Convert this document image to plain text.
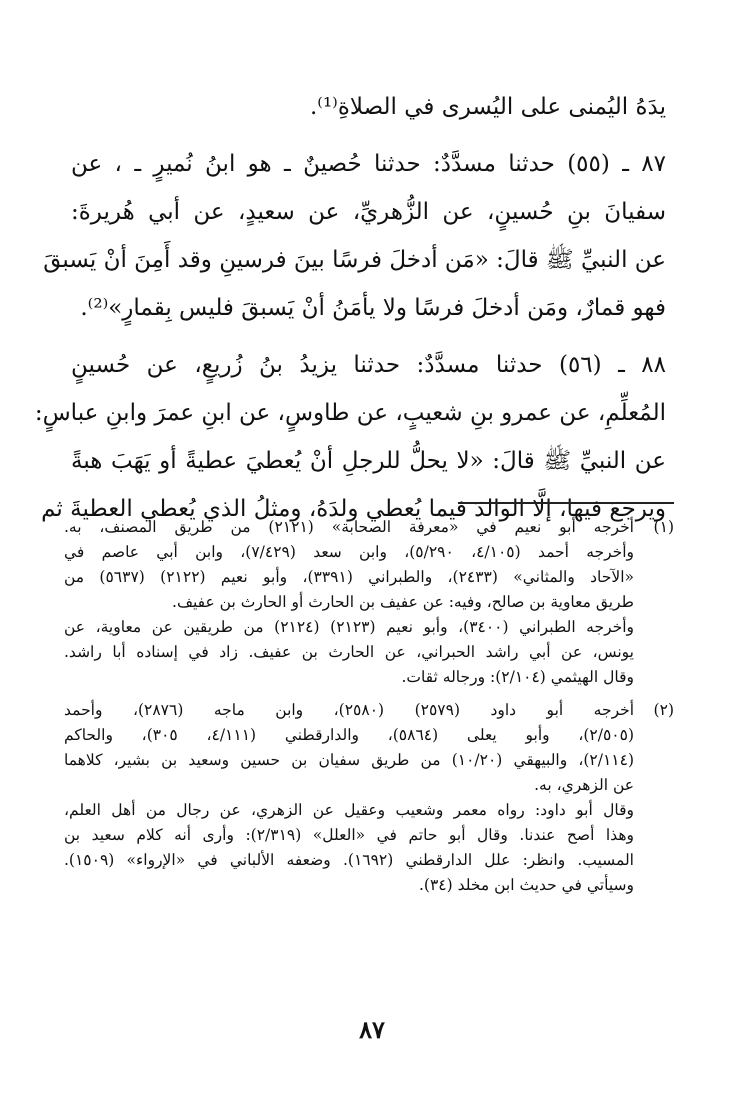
يدَهُ اليُمنى على اليُسرى في الصلاةِ⁽¹⁾.
٨٧ ـ (٥٥) حدثنا مسدَّدٌ: حدثنا حُصينٌ ـ هو ابنُ نُميرٍ ـ ، عن
سفيانَ بنِ حُسينٍ، عن الزُّهريِّ، عن سعيدٍ، عن أبي هُريرةَ:
عن النبيِّ ﷺ قالَ: «مَن أدخلَ فرسًا بينَ فرسينِ وقد أَمِنَ أنْ يَسبقَ
فهو قمارٌ، ومَن أدخلَ فرسًا ولا يأمَنُ أنْ يَسبقَ فليس بِقمارٍ»⁽²⁾.
٨٨ ـ (٥٦) حدثنا مسدَّدٌ: حدثنا يزيدُ بنُ زُريعٍ، عن حُسينٍ
المُعلِّمِ، عن عمرو بنِ شعيبٍ، عن طاوسٍ، عن ابنِ عمرَ وابنِ عباسٍ:
عن النبيِّ ﷺ قالَ: «لا يحلُّ للرجلِ أنْ يُعطيَ عطيةً أو يَهَبَ هبةً
ويرجعَ فيها، إلَّا الوالدَ فيما يُعطي ولدَهُ، ومثلُ الذي يُعطي العطيةَ ثم
(١)
أخرجه أبو نعيم في «معرفة الصحابة» (٢١٢١) من طريق المصنف، به.
وأخرجه أحمد (٤/١٠٥، ٥/٢٩٠)، وابن سعد (٧/٤٢٩)، وابن أبي عاصم في
«الآحاد والمثاني» (٢٤٣٣)، والطبراني (٣٣٩١)، وأبو نعيم (٢١٢٢) (٥٦٣٧) من
طريق معاوية بن صالح، وفيه: عن عفيف بن الحارث أو الحارث بن عفيف.
وأخرجه الطبراني (٣٤٠٠)، وأبو نعيم (٢١٢٣) (٢١٢٤) من طريقين عن معاوية، عن
يونس، عن أبي راشد الحبراني، عن الحارث بن عفيف. زاد في إسناده أبا راشد.
وقال الهيثمي (٢/١٠٤): ورجاله ثقات.
(٢)
أخرجه أبو داود (٢٥٧٩) (٢٥٨٠)، وابن ماجه (٢٨٧٦)، وأحمد
(٢/٥٠٥)، وأبو يعلى (٥٨٦٤)، والدارقطني (٤/١١١، ٣٠٥)، والحاكم
(٢/١١٤)، والبيهقي (١٠/٢٠) من طريق سفيان بن حسين وسعيد بن بشير، كلاهما
عن الزهري، به.
وقال أبو داود: رواه معمر وشعيب وعقيل عن الزهري، عن رجال من أهل العلم،
وهذا أصح عندنا. وقال أبو حاتم في «العلل» (٢/٣١٩): وأرى أنه كلام سعيد بن
المسيب. وانظر: علل الدارقطني (١٦٩٢). وضعفه الألباني في «الإرواء» (١٥٠٩).
وسيأتي في حديث ابن مخلد (٣٤).
٨٧
